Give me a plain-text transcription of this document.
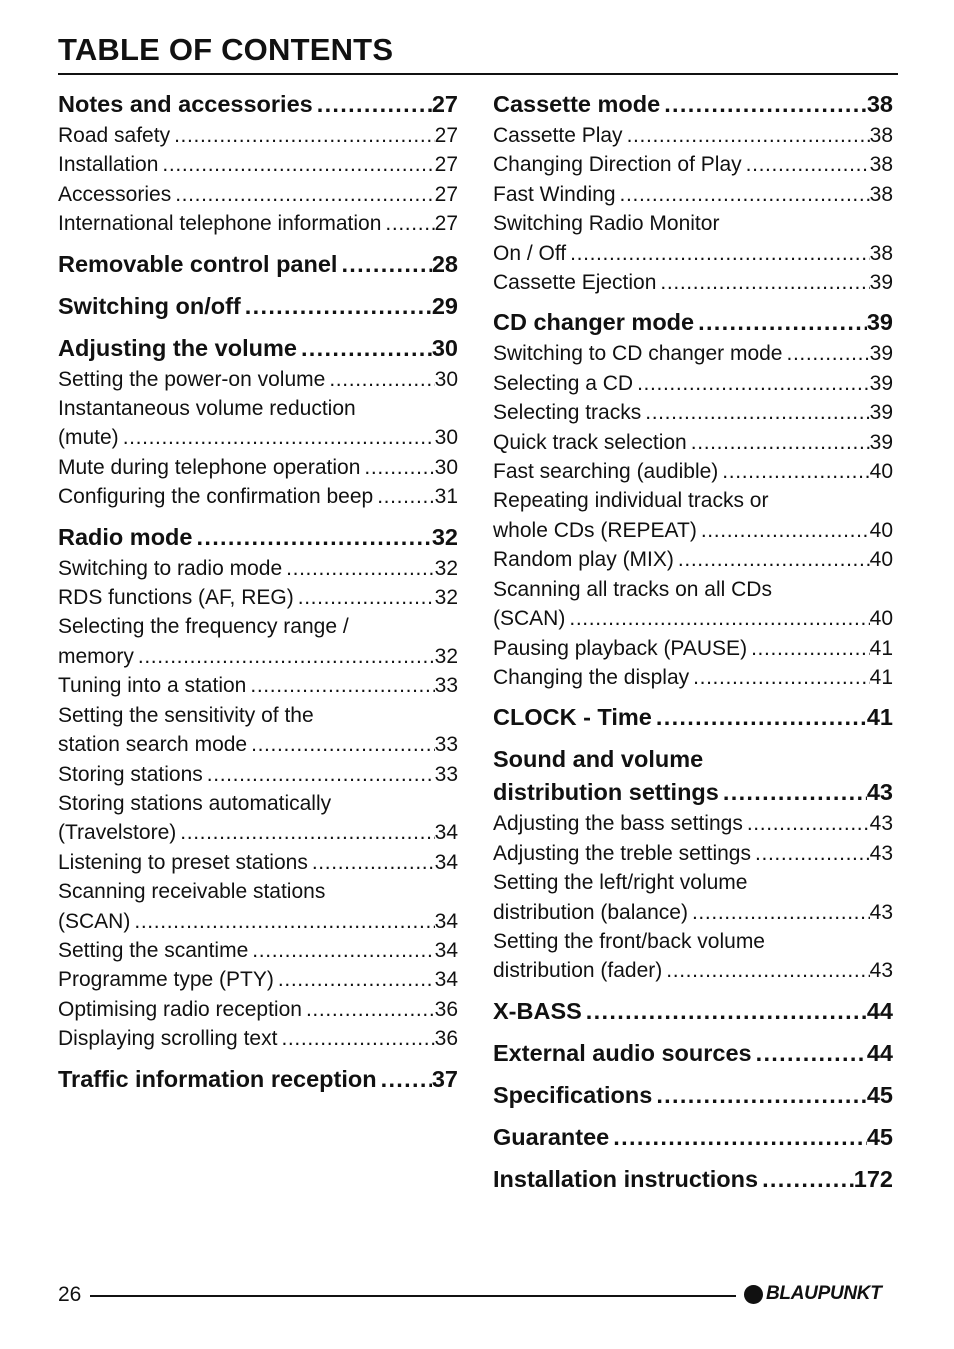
TABLE OF CONTENTS
Notes and accessories . . .	27
Road safety . . .	27
Installation . . .	27
Accessories . . .	27
International telephone information . . .	27
Removable control panel . . .	28
Switching on/off . . .	29
Adjusting the volume . . .	30
Setting the power-on volume . . .	30
Instantaneous volume reduction
(mute) . . .	30
Mute during telephone operation . . .	30
Configuring the confirmation beep . . .	31
Radio mode . . .	32
Switching to radio mode . . .	32
RDS functions (AF, REG) . . .	32
Selecting the frequency range /
memory . . .	32
Tuning into a station . . .	33
Setting the sensitivity of the
station search mode . . .	33
Storing stations . . .	33
Storing stations automatically
(Travelstore) . . .	34
Listening to preset stations . . .	34
Scanning receivable stations
(SCAN) . . .	34
Setting the scantime . . .	34
Programme type (PTY) . . .	34
Optimising radio reception . . .	36
Displaying scrolling text . . .	36
Traffic information reception . . . 37
Cassette mode . . .	38
Cassette Play . . .	38
Changing Direction of Play . . .	38
Fast Winding . . .	38
Switching Radio Monitor
On / Off . . .	38
Cassette Ejection . . .	39
CD changer mode . . .	39
Switching to CD changer mode . . .	39
Selecting a CD . . .	39
Selecting tracks . . .	39
Quick track selection . . .	39
Fast searching (audible) . . .	40
Repeating individual tracks or
whole CDs (REPEAT) . . .	40
Random play (MIX) . . .	40
Scanning all tracks on all CDs
(SCAN) . . .	40
Pausing playback (PAUSE) . . .	41
Changing the display . . .	41
CLOCK - Time . . .	41
Sound and volume
distribution settings . . .	43
Adjusting the bass settings . . .	43
Adjusting the treble settings . . .	43
Setting the left/right volume
distribution (balance) . . .	43
Setting the front/back volume
distribution (fader) . . .	43
X-BASS . . .	44
External audio sources . . .	44
Specifications . . .	45
Guarantee . . .	45
Installation instructions . . .	172
26	BLAUPUNKT
